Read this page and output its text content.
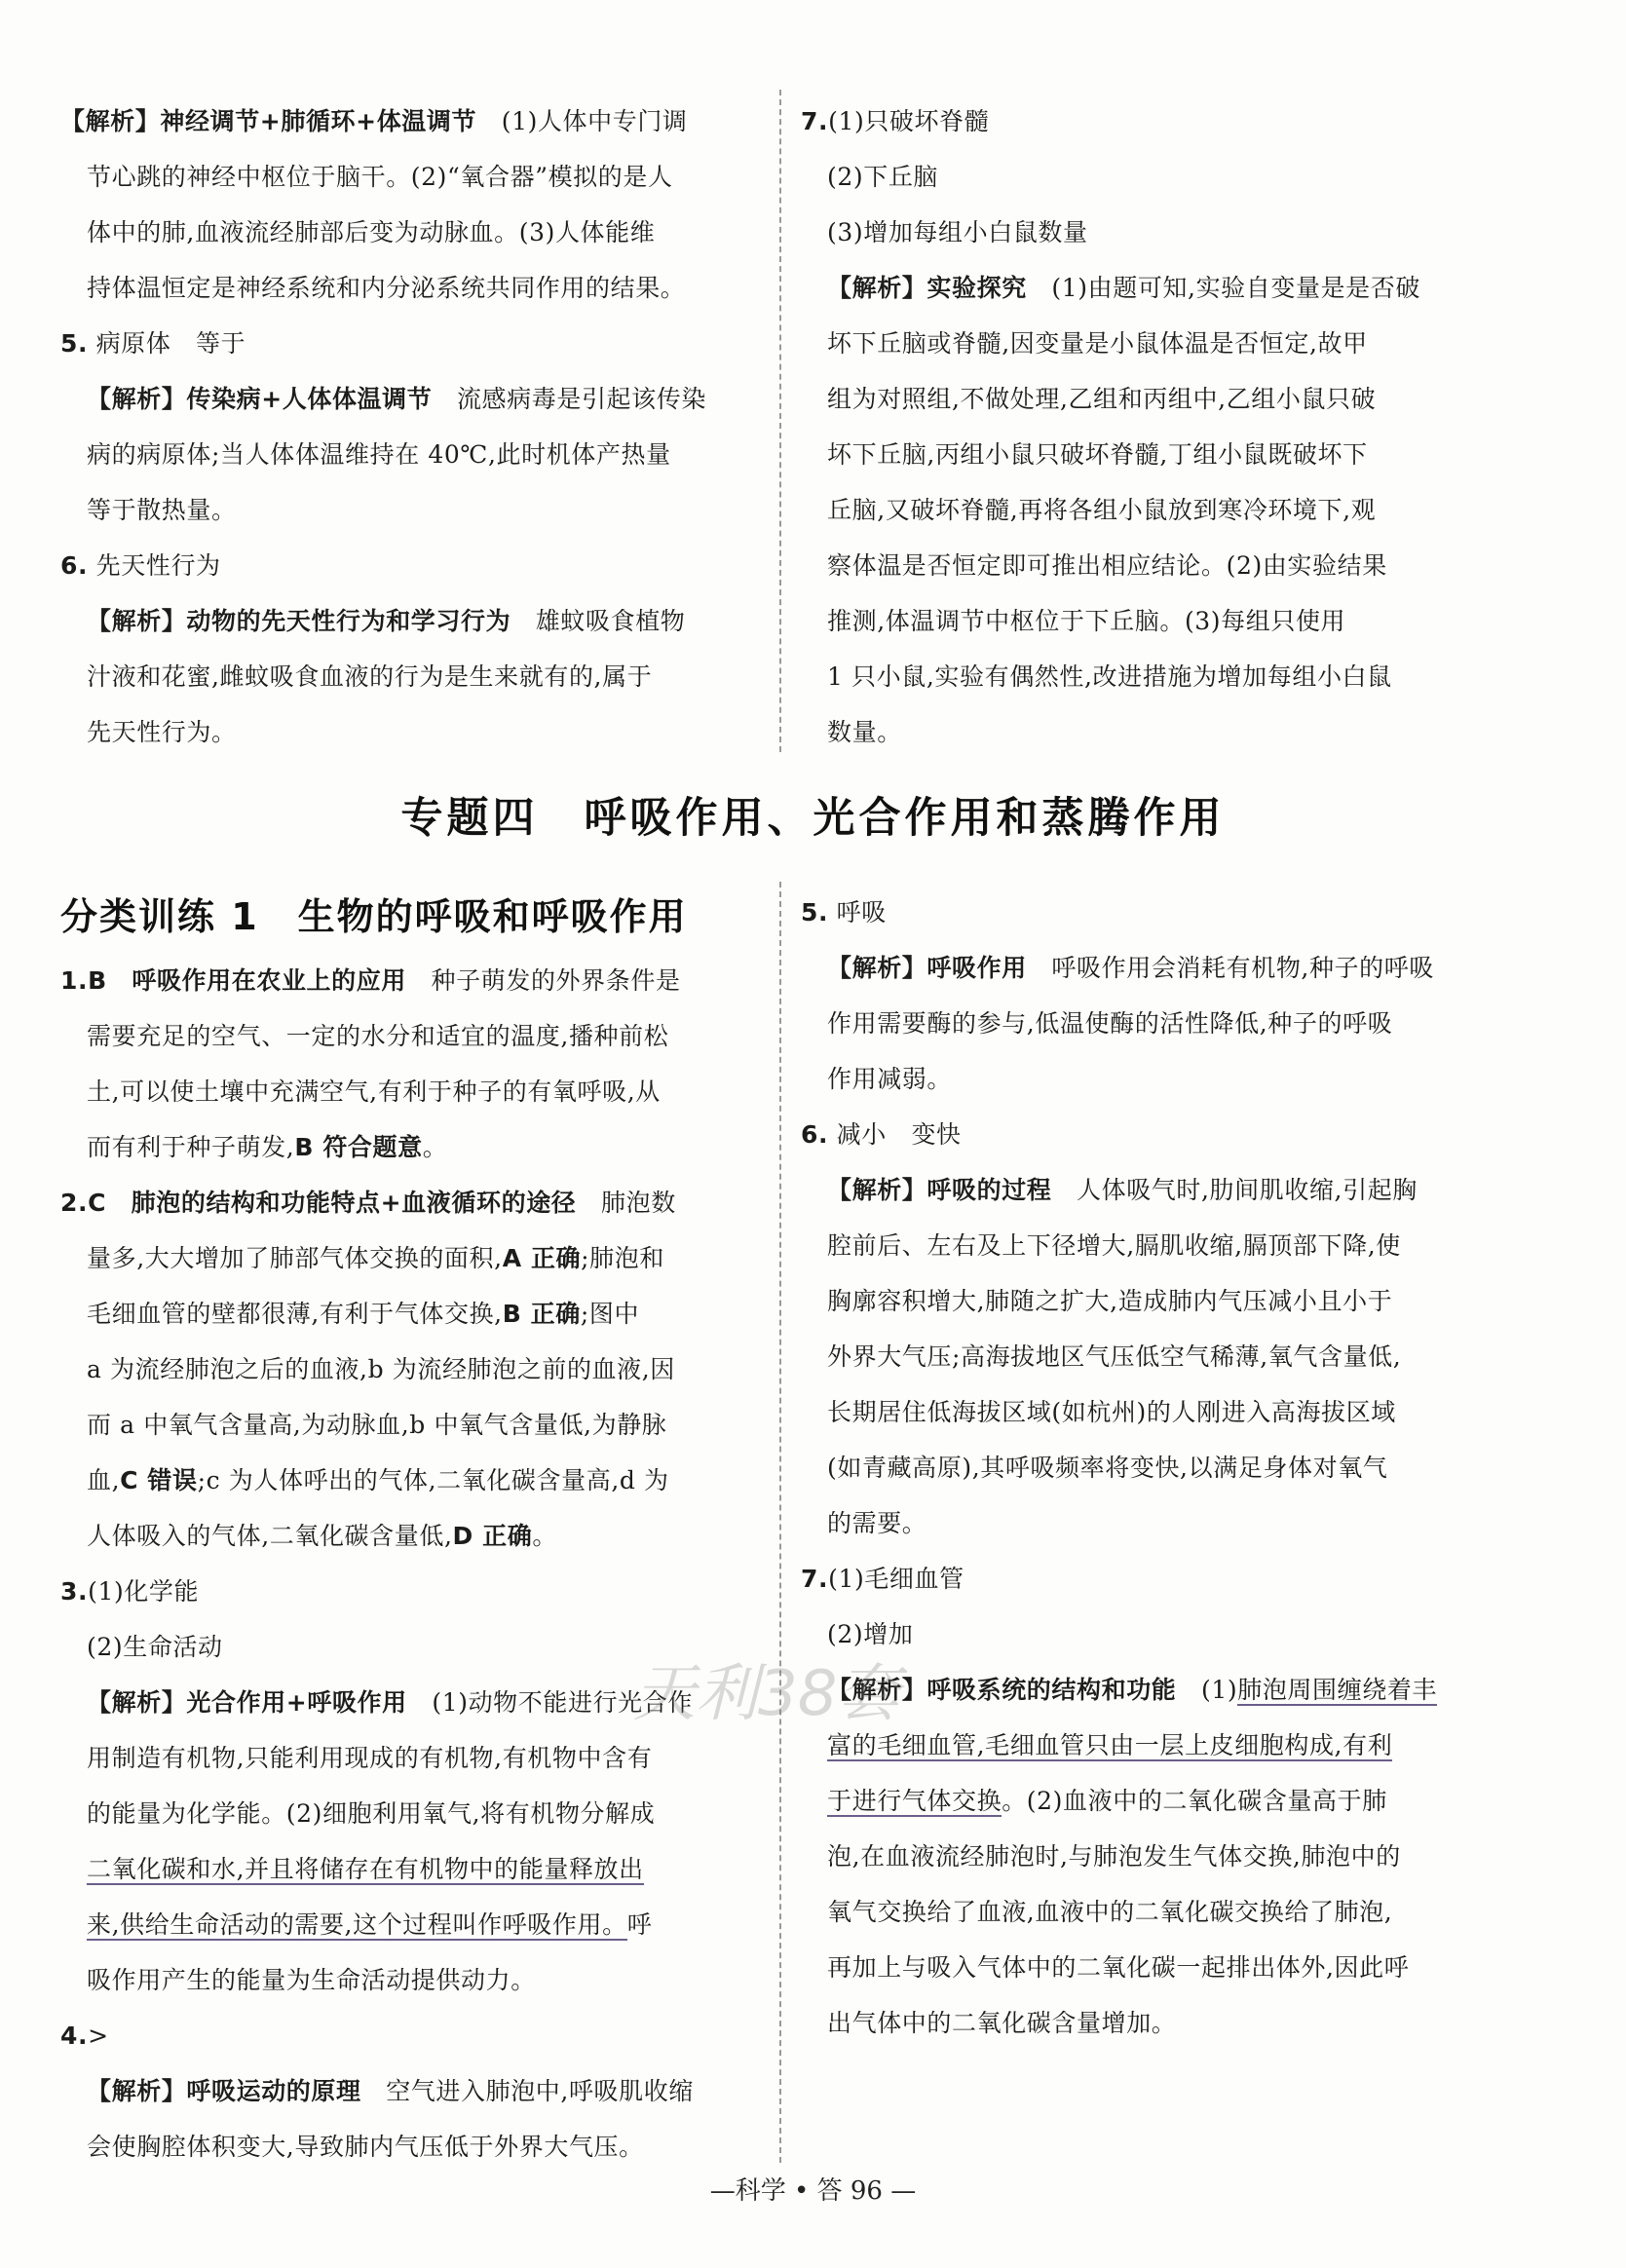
【解析】神经调节+肺循环+体温调节　(1)人体中专门调
节心跳的神经中枢位于脑干。(2)“氧合器”模拟的是人
体中的肺,血液流经肺部后变为动脉血。(3)人体能维
持体温恒定是神经系统和内分泌系统共同作用的结果。
5. 病原体　等于
【解析】传染病+人体体温调节　流感病毒是引起该传染
病的病原体;当人体体温维持在 40℃,此时机体产热量
等于散热量。
6. 先天性行为
【解析】动物的先天性行为和学习行为　雄蚊吸食植物
汁液和花蜜,雌蚊吸食血液的行为是生来就有的,属于
先天性行为。
7.(1)只破坏脊髓
(2)下丘脑
(3)增加每组小白鼠数量
【解析】实验探究　(1)由题可知,实验自变量是是否破
坏下丘脑或脊髓,因变量是小鼠体温是否恒定,故甲
组为对照组,不做处理,乙组和丙组中,乙组小鼠只破
坏下丘脑,丙组小鼠只破坏脊髓,丁组小鼠既破坏下
丘脑,又破坏脊髓,再将各组小鼠放到寒冷环境下,观
察体温是否恒定即可推出相应结论。(2)由实验结果
推测,体温调节中枢位于下丘脑。(3)每组只使用
1 只小鼠,实验有偶然性,改进措施为增加每组小白鼠
数量。
专题四　呼吸作用、光合作用和蒸腾作用
分类训练 1　生物的呼吸和呼吸作用
1.B　呼吸作用在农业上的应用　种子萌发的外界条件是
需要充足的空气、一定的水分和适宜的温度,播种前松
土,可以使土壤中充满空气,有利于种子的有氧呼吸,从
而有利于种子萌发,B 符合题意。
2.C　肺泡的结构和功能特点+血液循环的途径　肺泡数
量多,大大增加了肺部气体交换的面积,A 正确;肺泡和
毛细血管的壁都很薄,有利于气体交换,B 正确;图中
a 为流经肺泡之后的血液,b 为流经肺泡之前的血液,因
而 a 中氧气含量高,为动脉血,b 中氧气含量低,为静脉
血,C 错误;c 为人体呼出的气体,二氧化碳含量高,d 为
人体吸入的气体,二氧化碳含量低,D 正确。
3.(1)化学能
(2)生命活动
【解析】光合作用+呼吸作用　(1)动物不能进行光合作
用制造有机物,只能利用现成的有机物,有机物中含有
的能量为化学能。(2)细胞利用氧气,将有机物分解成
二氧化碳和水,并且将储存在有机物中的能量释放出
来,供给生命活动的需要,这个过程叫作呼吸作用。呼
吸作用产生的能量为生命活动提供动力。
4.>
【解析】呼吸运动的原理　空气进入肺泡中,呼吸肌收缩
会使胸腔体积变大,导致肺内气压低于外界大气压。
5. 呼吸
【解析】呼吸作用　呼吸作用会消耗有机物,种子的呼吸
作用需要酶的参与,低温使酶的活性降低,种子的呼吸
作用减弱。
6. 减小　变快
【解析】呼吸的过程　人体吸气时,肋间肌收缩,引起胸
腔前后、左右及上下径增大,膈肌收缩,膈顶部下降,使
胸廓容积增大,肺随之扩大,造成肺内气压减小且小于
外界大气压;高海拔地区气压低空气稀薄,氧气含量低,
长期居住低海拔区域(如杭州)的人刚进入高海拔区域
(如青藏高原),其呼吸频率将变快,以满足身体对氧气
的需要。
7.(1)毛细血管
(2)增加
【解析】呼吸系统的结构和功能　(1)肺泡周围缠绕着丰
富的毛细血管,毛细血管只由一层上皮细胞构成,有利
于进行气体交换。(2)血液中的二氧化碳含量高于肺
泡,在血液流经肺泡时,与肺泡发生气体交换,肺泡中的
氧气交换给了血液,血液中的二氧化碳交换给了肺泡,
再加上与吸入气体中的二氧化碳一起排出体外,因此呼
出气体中的二氧化碳含量增加。
天利38套
—科学 • 答 96 —
